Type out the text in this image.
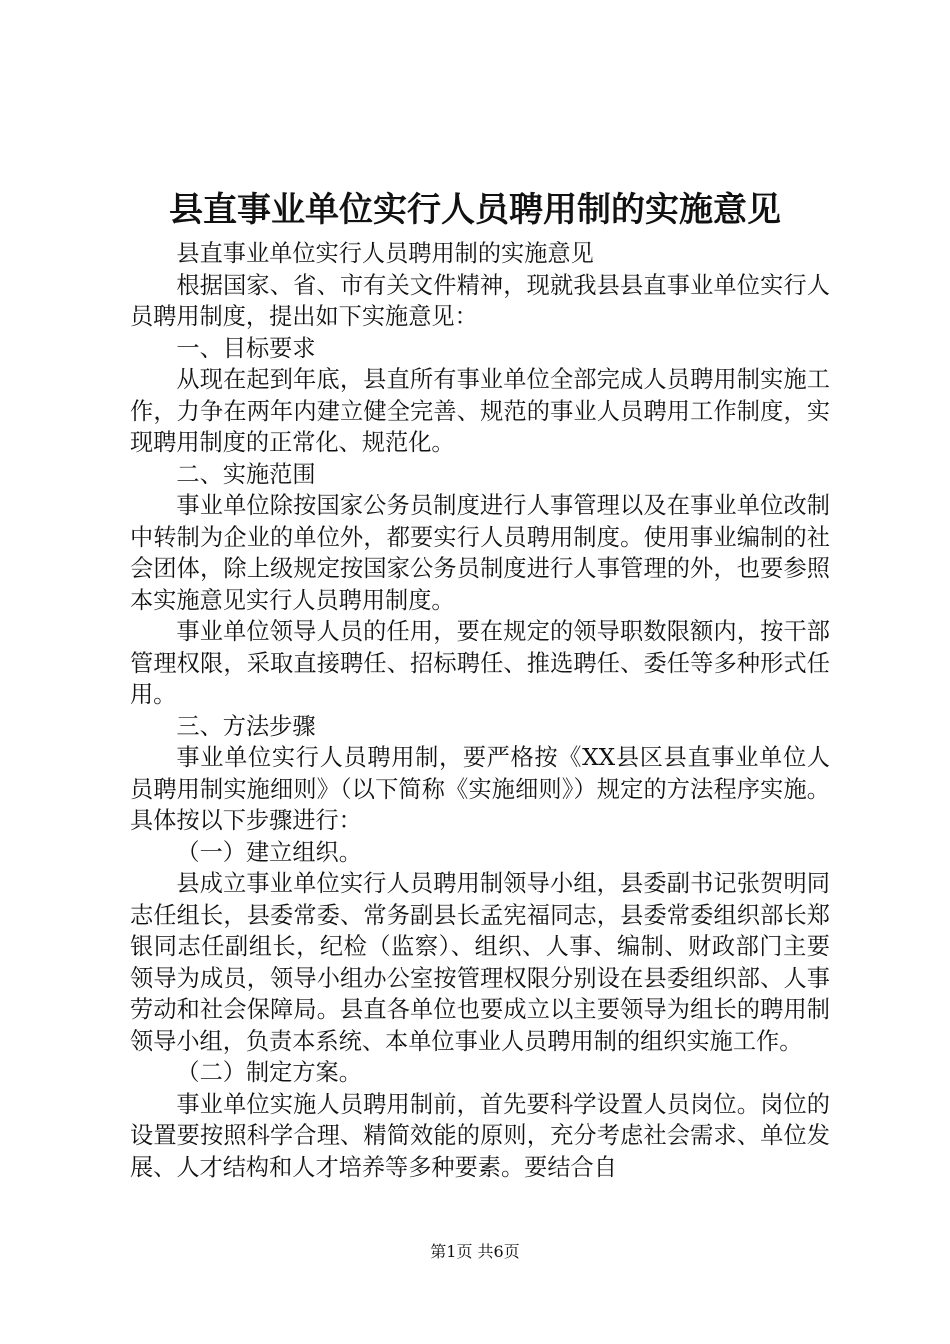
县直事业单位实行人员聘用制的实施意见

县直事业单位实行人员聘用制的实施意见

根据国家、省、市有关文件精神，现就我县县直事业单位实行人员聘用制度，提出如下实施意见：

一、目标要求

从现在起到年底，县直所有事业单位全部完成人员聘用制实施工作，力争在两年内建立健全完善、规范的事业人员聘用工作制度，实现聘用制度的正常化、规范化。

二、实施范围

事业单位除按国家公务员制度进行人事管理以及在事业单位改制中转制为企业的单位外，都要实行人员聘用制度。使用事业编制的社会团体，除上级规定按国家公务员制度进行人事管理的外，也要参照本实施意见实行人员聘用制度。

事业单位领导人员的任用，要在规定的领导职数限额内，按干部管理权限，采取直接聘任、招标聘任、推选聘任、委任等多种形式任用。

三、方法步骤

事业单位实行人员聘用制，要严格按《XX县区县直事业单位人员聘用制实施细则》（以下简称《实施细则》）规定的方法程序实施。具体按以下步骤进行：

（一）建立组织。

县成立事业单位实行人员聘用制领导小组，县委副书记张贺明同志任组长，县委常委、常务副县长孟宪福同志，县委常委组织部长郑银同志任副组长，纪检（监察）、组织、人事、编制、财政部门主要领导为成员，领导小组办公室按管理权限分别设在县委组织部、人事劳动和社会保障局。县直各单位也要成立以主要领导为组长的聘用制领导小组，负责本系统、本单位事业人员聘用制的组织实施工作。

（二）制定方案。

事业单位实施人员聘用制前，首先要科学设置人员岗位。岗位的设置要按照科学合理、精简效能的原则，充分考虑社会需求、单位发展、人才结构和人才培养等多种要素。要结合自

第1页 共6页
